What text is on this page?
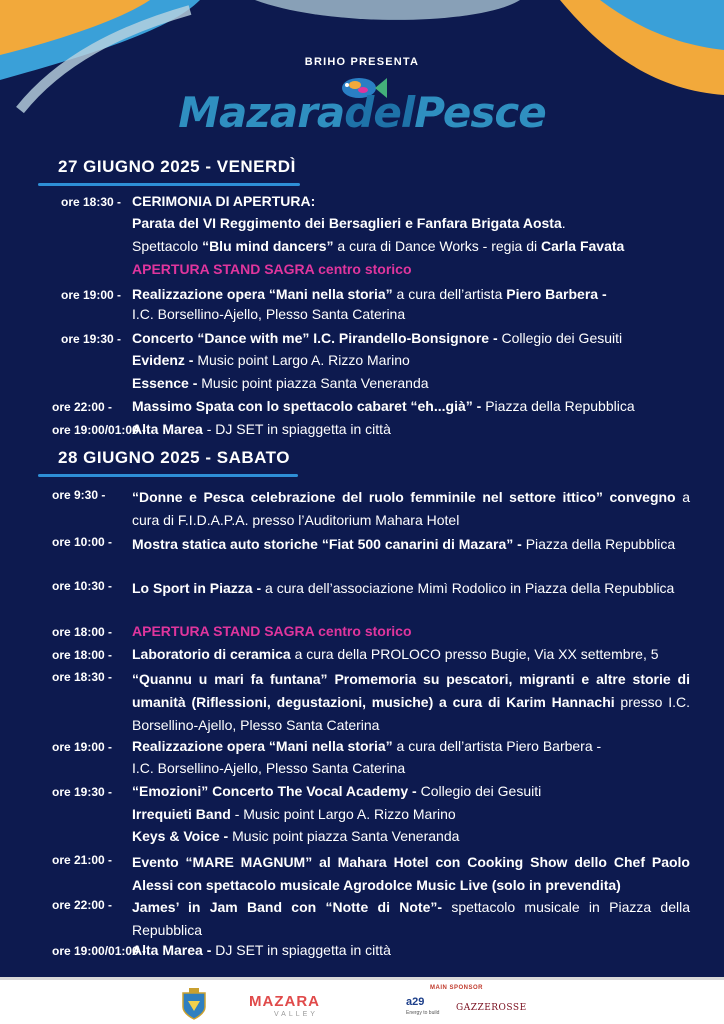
BRIHO PRESENTA
MazaradelPesce
27 GIUGNO 2025 - VENERDÌ
ore 18:30 - CERIMONIA DI APERTURA:
Parata del VI Reggimento dei Bersaglieri e Fanfara Brigata Aosta.
Spettacolo “Blu mind dancers” a cura di Dance Works - regia di Carla Favata
APERTURA STAND SAGRA centro storico
ore 19:00 - Realizzazione opera “Mani nella storia” a cura dell’artista Piero Barbera -
I.C. Borsellino-Ajello, Plesso Santa Caterina
ore 19:30 - Concerto “Dance with me” I.C. Pirandello-Bonsignore - Collegio dei Gesuiti
Evidenz - Music point Largo A. Rizzo Marino
Essence - Music point piazza Santa Veneranda
ore 22:00 - Massimo Spata con lo spettacolo cabaret “eh...già” - Piazza della Repubblica
ore 19:00/01:00 -
Alta Marea - DJ SET in spiaggetta in città
28 GIUGNO 2025 - SABATO
ore 9:30 - “Donne e Pesca celebrazione del ruolo femminile nel settore ittico” convegno a cura di F.I.D.A.P.A. presso l’Auditorium Mahara Hotel
ore 10:00 - Mostra statica auto storiche “Fiat 500 canarini di Mazara” - Piazza della Repubblica
ore 10:30 - Lo Sport in Piazza - a cura dell’associazione Mimì Rodolico in Piazza della Repubblica
ore 18:00 - APERTURA STAND SAGRA centro storico
ore 18:00 - Laboratorio di ceramica a cura della PROLOCO presso Bugie, Via XX settembre, 5
ore 18:30 - “Quannu u mari fa funtana” Promemoria su pescatori, migranti e altre storie di umanità (Riflessioni, degustazioni, musiche) a cura di Karim Hannachi presso I.C. Borsellino-Ajello, Plesso Santa Caterina
ore 19:00 - Realizzazione opera “Mani nella storia” a cura dell’artista Piero Barbera -
I.C. Borsellino-Ajello, Plesso Santa Caterina
ore 19:30 - “Emozioni” Concerto The Vocal Academy - Collegio dei Gesuiti
Irrequieti Band - Music point Largo A. Rizzo Marino
Keys & Voice - Music point piazza Santa Veneranda
ore 21:00 - Evento “MARE MAGNUM” al Mahara Hotel con Cooking Show dello Chef Paolo Alessi con spettacolo musicale Agrodolce Music Live (solo in prevendita)
ore 22:00 - James’ in Jam Band con “Notte di Note”- spettacolo musicale in Piazza della Repubblica
ore 19:00/01:00 -
Alta Marea - DJ SET in spiaggetta in città
MAZARA
VALLEY
MAIN SPONSOR
a29
Energy to build GAZZEROSSE
